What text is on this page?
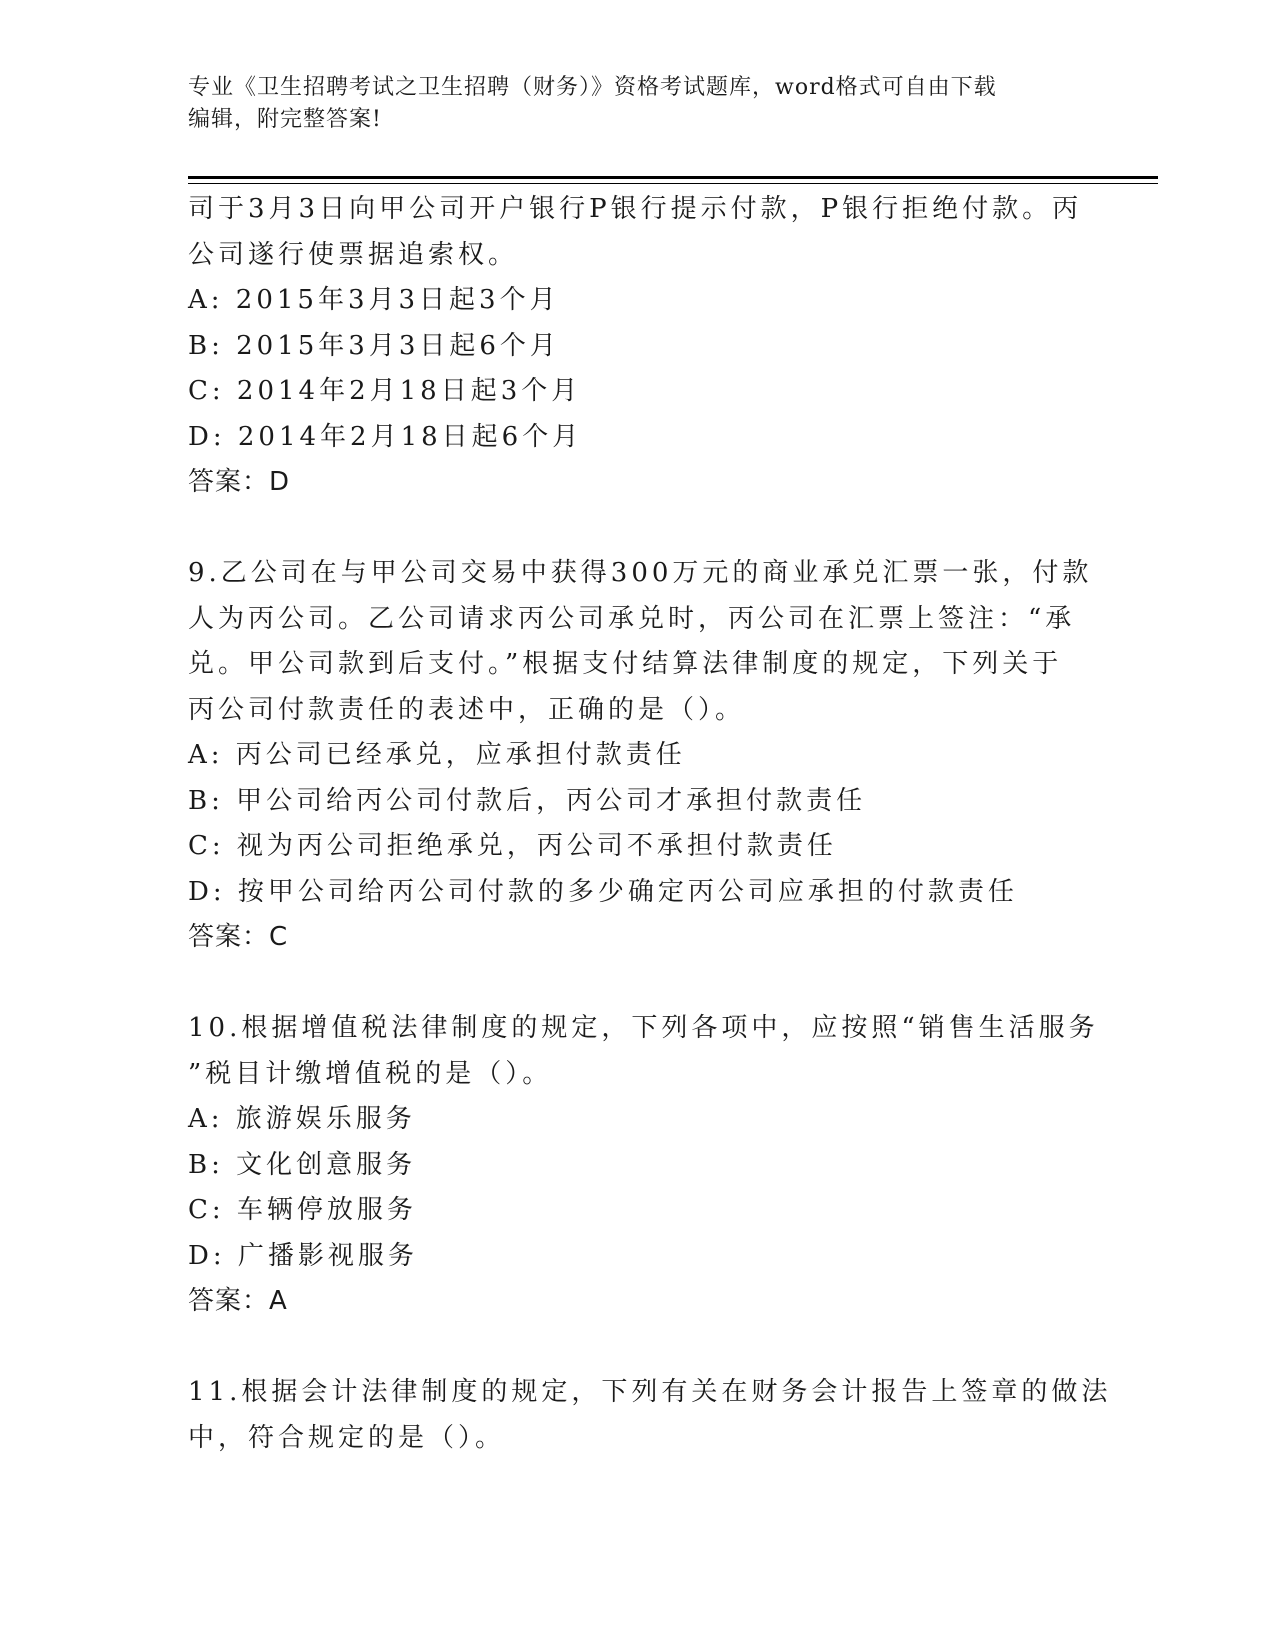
专业《卫生招聘考试之卫生招聘（财务）》资格考试题库，word格式可自由下载
编辑，附完整答案!
司于3月3日向甲公司开户银行P银行提示付款，P银行拒绝付款。丙
公司遂行使票据追索权。
A: 2015年3月3日起3个月
B: 2015年3月3日起6个月
C: 2014年2月18日起3个月
D: 2014年2月18日起6个月
答案：D
9.乙公司在与甲公司交易中获得300万元的商业承兑汇票一张，付款
人为丙公司。乙公司请求丙公司承兑时，丙公司在汇票上签注：“承
兑。甲公司款到后支付。”根据支付结算法律制度的规定，下列关于
丙公司付款责任的表述中，正确的是（）。
A: 丙公司已经承兑，应承担付款责任
B: 甲公司给丙公司付款后，丙公司才承担付款责任
C: 视为丙公司拒绝承兑，丙公司不承担付款责任
D: 按甲公司给丙公司付款的多少确定丙公司应承担的付款责任
答案：C
10.根据增值税法律制度的规定，下列各项中，应按照“销售生活服务
”税目计缴增值税的是（）。
A: 旅游娱乐服务
B: 文化创意服务
C: 车辆停放服务
D: 广播影视服务
答案：A
11.根据会计法律制度的规定，下列有关在财务会计报告上签章的做法
中，符合规定的是（）。
